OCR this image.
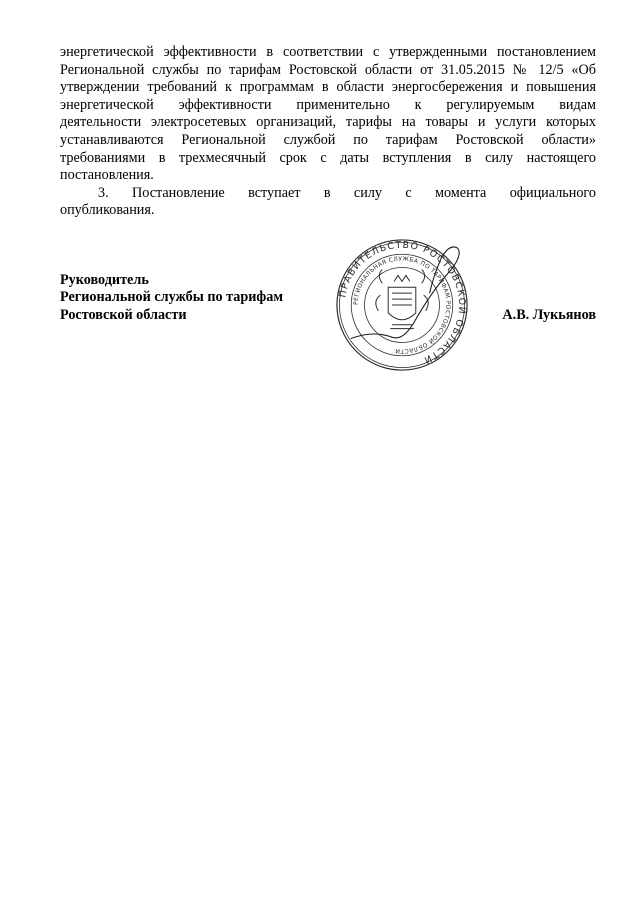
энергетической эффективности в соответствии с утвержденными постановлением
Региональной службы по тарифам Ростовской области от 31.05.2015 № 12/5 «Об
утверждении требований к программам в области энергосбережения и повышения
энергетической эффективности применительно к регулируемым видам
деятельности электросетевых организаций, тарифы на товары и услуги которых
устанавливаются Региональной службой по тарифам Ростовской области»
требованиями в трехмесячный срок с даты вступления в силу настоящего
постановления.

3. Постановление вступает в силу с момента официального
опубликования.

Руководитель
Региональной службы по тарифам
Ростовской области	А.В. Лукьянов
ПРАВИТЕЛЬСТВО РОСТОВСКОЙ ОБЛАСТИ
РЕГИОНАЛЬНАЯ СЛУЖБА ПО ТАРИФАМ РОСТОВСКОЙ ОБЛАСТИ
